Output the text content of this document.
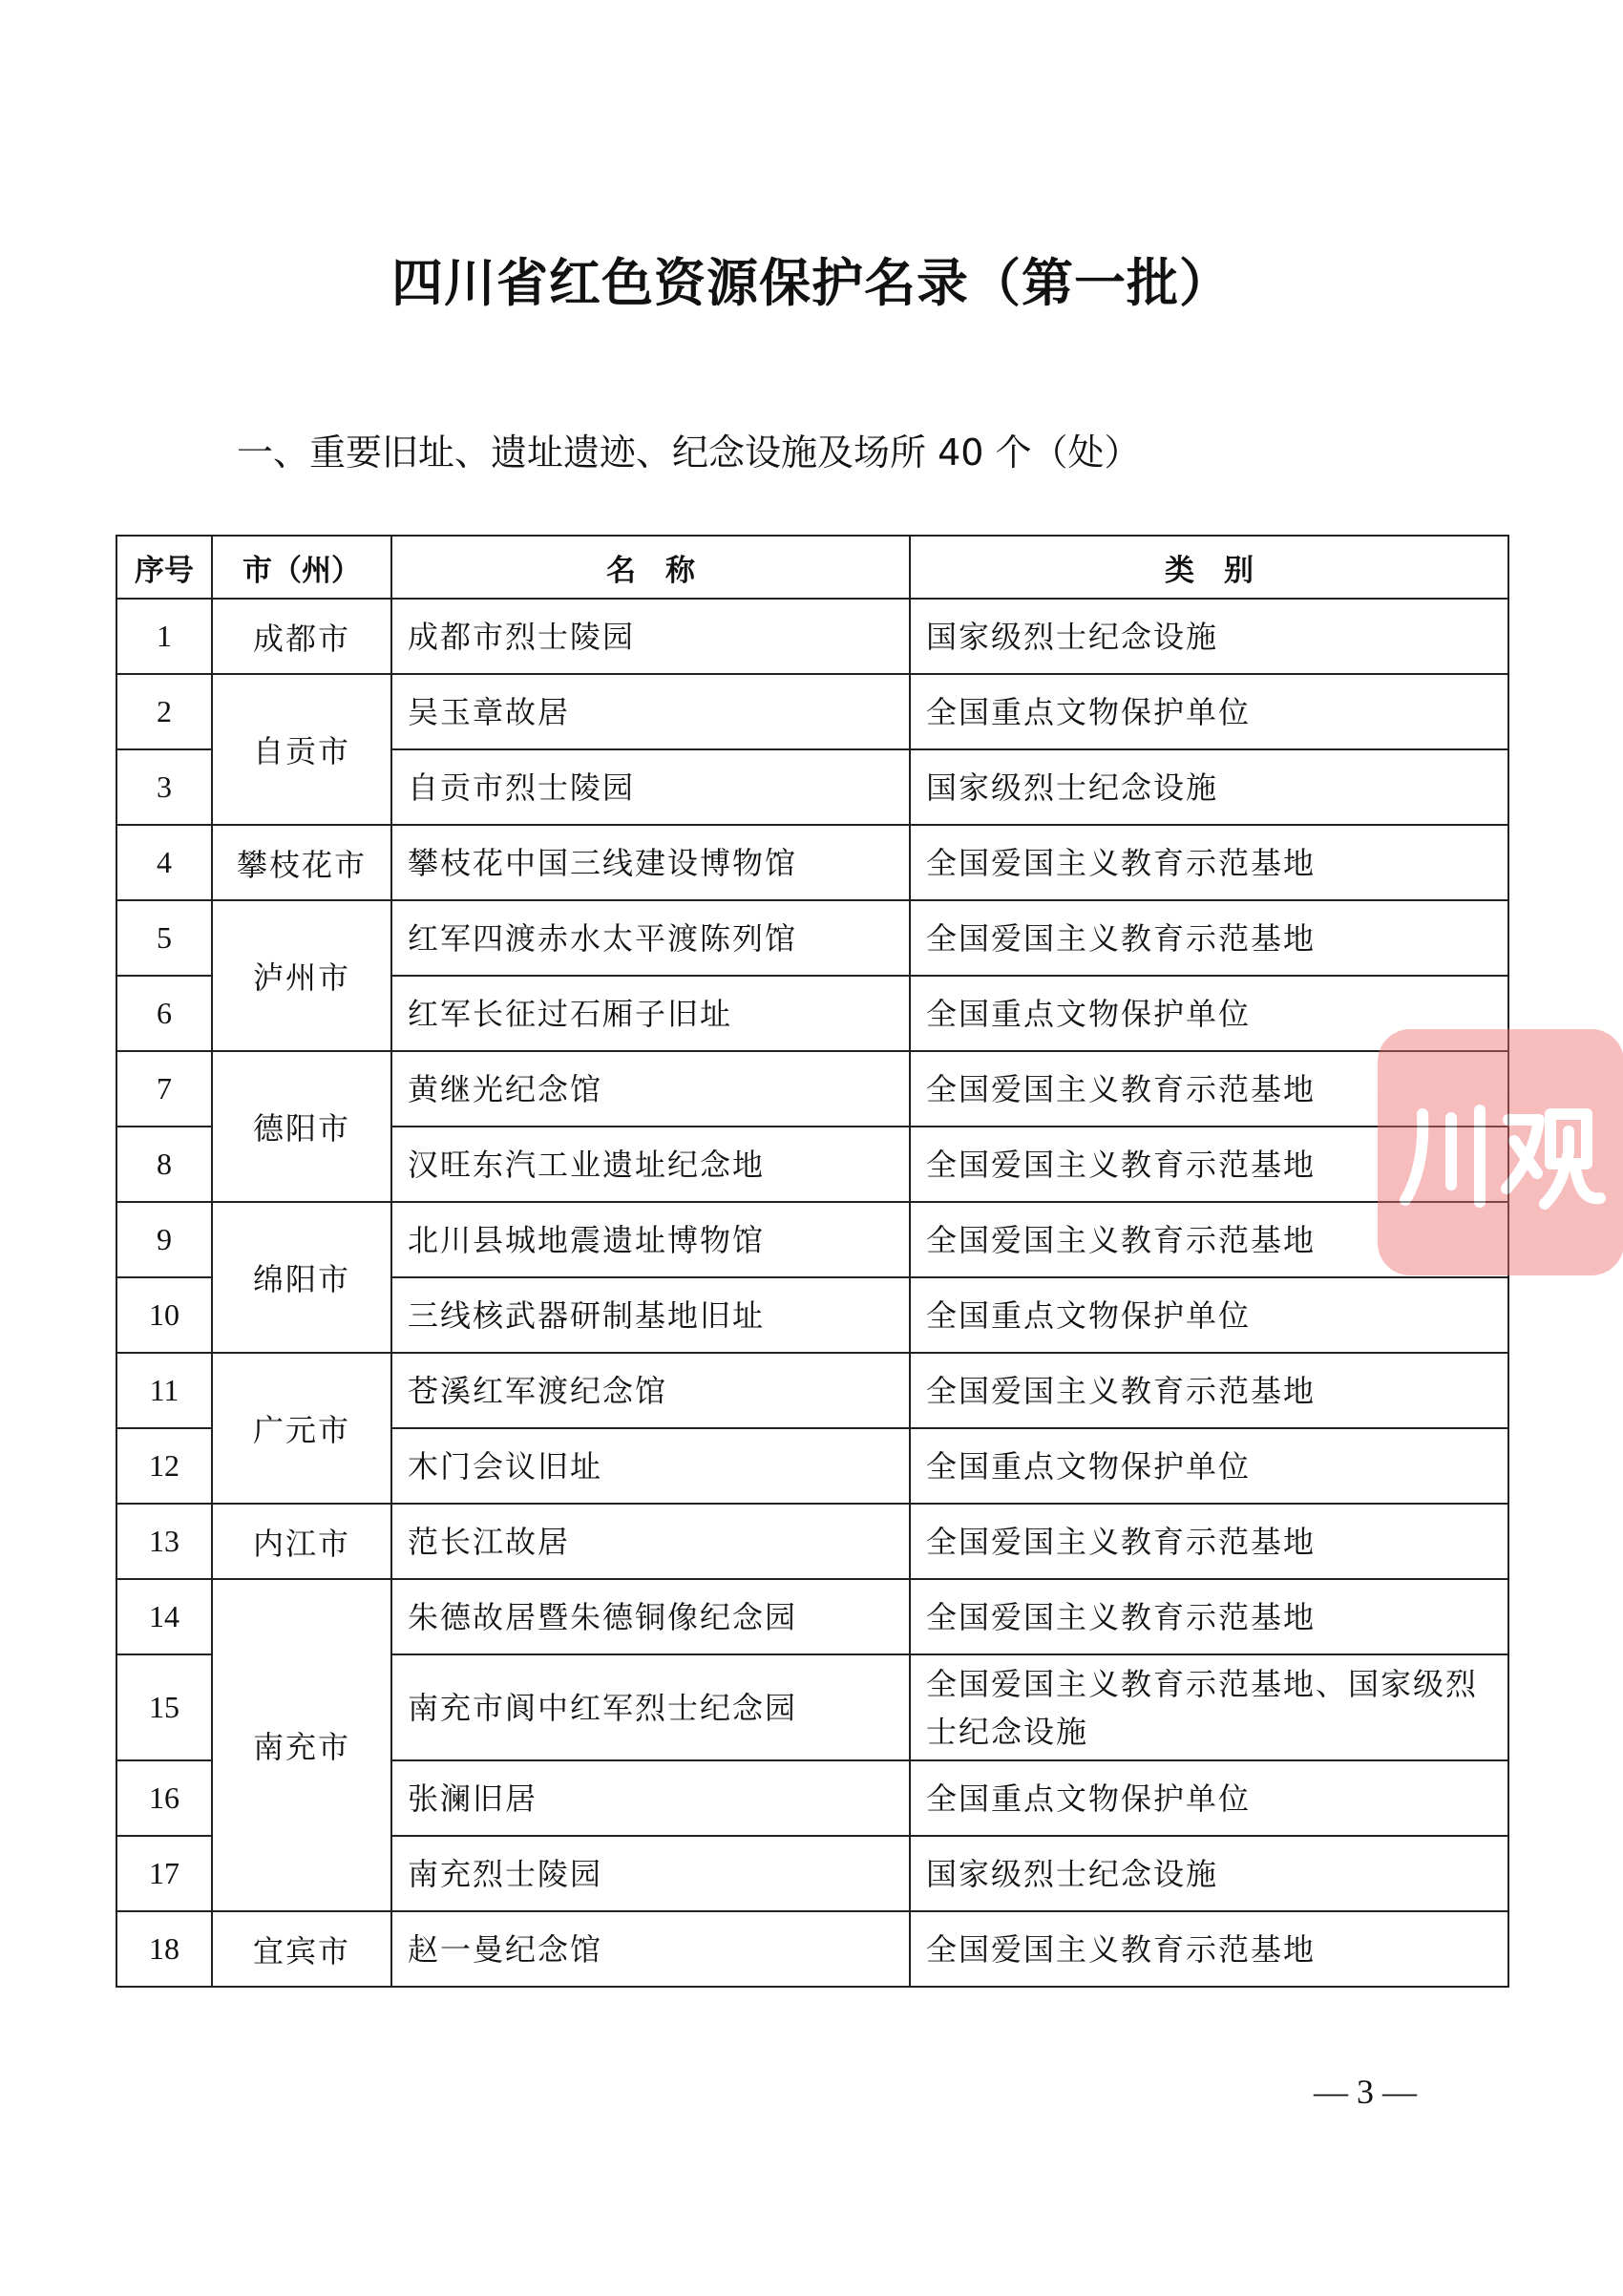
四川省红色资源保护名录（第一批）
一、重要旧址、遗址遗迹、纪念设施及场所 40 个（处）
序号	市（州）	名　称	类　别
1	成都市	成都市烈士陵园	国家级烈士纪念设施
2	自贡市	吴玉章故居	全国重点文物保护单位
3		自贡市烈士陵园	国家级烈士纪念设施
4	攀枝花市	攀枝花中国三线建设博物馆	全国爱国主义教育示范基地
5	泸州市	红军四渡赤水太平渡陈列馆	全国爱国主义教育示范基地
6		红军长征过石厢子旧址	全国重点文物保护单位
7	德阳市	黄继光纪念馆	全国爱国主义教育示范基地
8		汉旺东汽工业遗址纪念地	全国爱国主义教育示范基地
9	绵阳市	北川县城地震遗址博物馆	全国爱国主义教育示范基地
10		三线核武器研制基地旧址	全国重点文物保护单位
11	广元市	苍溪红军渡纪念馆	全国爱国主义教育示范基地
12		木门会议旧址	全国重点文物保护单位
13	内江市	范长江故居	全国爱国主义教育示范基地
14	南充市	朱德故居暨朱德铜像纪念园	全国爱国主义教育示范基地
15		南充市阆中红军烈士纪念园	全国爱国主义教育示范基地、国家级烈士纪念设施
16		张澜旧居	全国重点文物保护单位
17		南充烈士陵园	国家级烈士纪念设施
18	宜宾市	赵一曼纪念馆	全国爱国主义教育示范基地
— 3 —
